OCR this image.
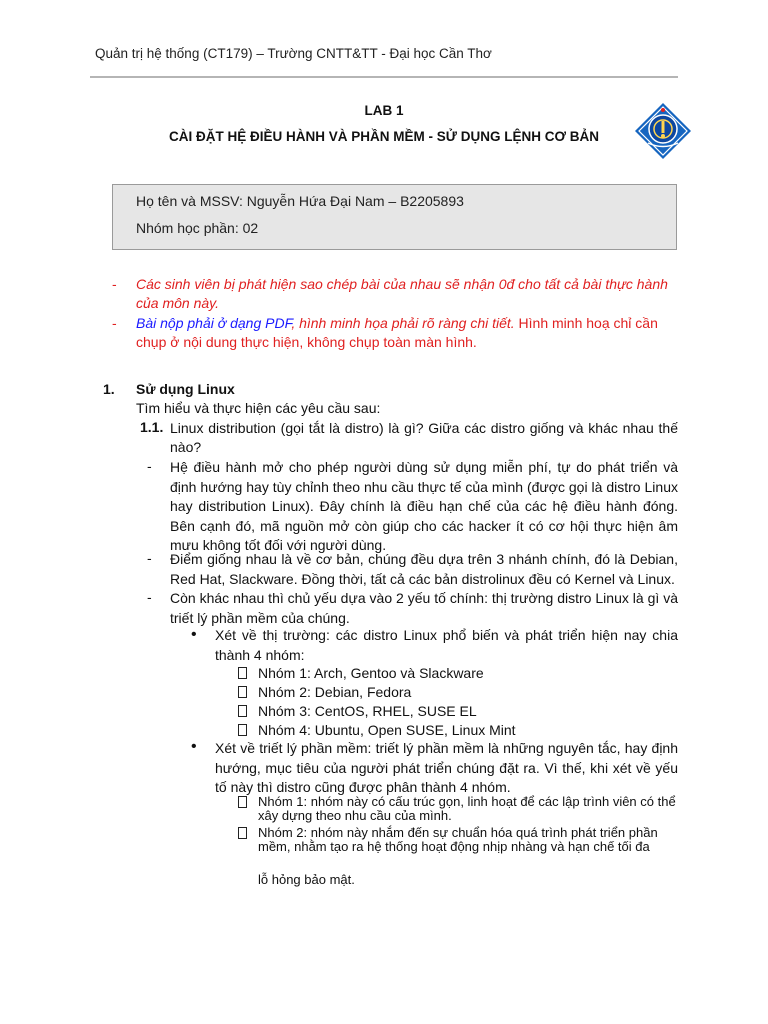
Quản trị hệ thống (CT179) – Trường CNTT&TT - Đại học Cần Thơ
LAB 1
CÀI ĐẶT HỆ ĐIỀU HÀNH VÀ PHẦN MỀM - SỬ DỤNG LỆNH CƠ BẢN
Họ tên và MSSV: Nguyễn Hứa Đại Nam – B2205893
Nhóm học phần: 02
- Các sinh viên bị phát hiện sao chép bài của nhau sẽ nhận 0đ cho tất cả bài thực hành của môn này.
- Bài nộp phải ở dạng PDF, hình minh họa phải rõ ràng chi tiết. Hình minh hoạ chỉ cần chụp ở nội dung thực hiện, không chụp toàn màn hình.
1. Sử dụng Linux
Tìm hiểu và thực hiện các yêu cầu sau:
1.1. Linux distribution (gọi tắt là distro) là gì? Giữa các distro giống và khác nhau thế nào?
- Hệ điều hành mở cho phép người dùng sử dụng miễn phí, tự do phát triển và định hướng hay tùy chỉnh theo nhu cầu thực tế của mình (được gọi là distro Linux hay distribution Linux). Đây chính là điều hạn chế của các hệ điều hành đóng. Bên cạnh đó, mã nguồn mở còn giúp cho các hacker ít có cơ hội thực hiện âm mưu không tốt đối với người dùng.
- Điểm giống nhau là về cơ bản, chúng đều dựa trên 3 nhánh chính, đó là Debian, Red Hat, Slackware. Đồng thời, tất cả các bản distrolinux đều có Kernel và Linux.
- Còn khác nhau thì chủ yếu dựa vào 2 yếu tố chính: thị trường distro Linux là gì và triết lý phần mềm của chúng.
• Xét về thị trường: các distro Linux phổ biến và phát triển hiện nay chia thành 4 nhóm:
Nhóm 1: Arch, Gentoo và Slackware
Nhóm 2: Debian, Fedora
Nhóm 3: CentOS, RHEL, SUSE EL
Nhóm 4: Ubuntu, Open SUSE, Linux Mint
• Xét về triết lý phần mềm: triết lý phần mềm là những nguyên tắc, hay định hướng, mục tiêu của người phát triển chúng đặt ra. Vì thế, khi xét về yếu tố này thì distro cũng được phân thành 4 nhóm.
Nhóm 1: nhóm này có cấu trúc gọn, linh hoạt để các lập trình viên có thể xây dựng theo nhu cầu của mình.
Nhóm 2: nhóm này nhắm đến sự chuẩn hóa quá trình phát triển phần mềm, nhằm tạo ra hệ thống hoạt động nhịp nhàng và hạn chế tối đa
lỗ hỏng bảo mật.
